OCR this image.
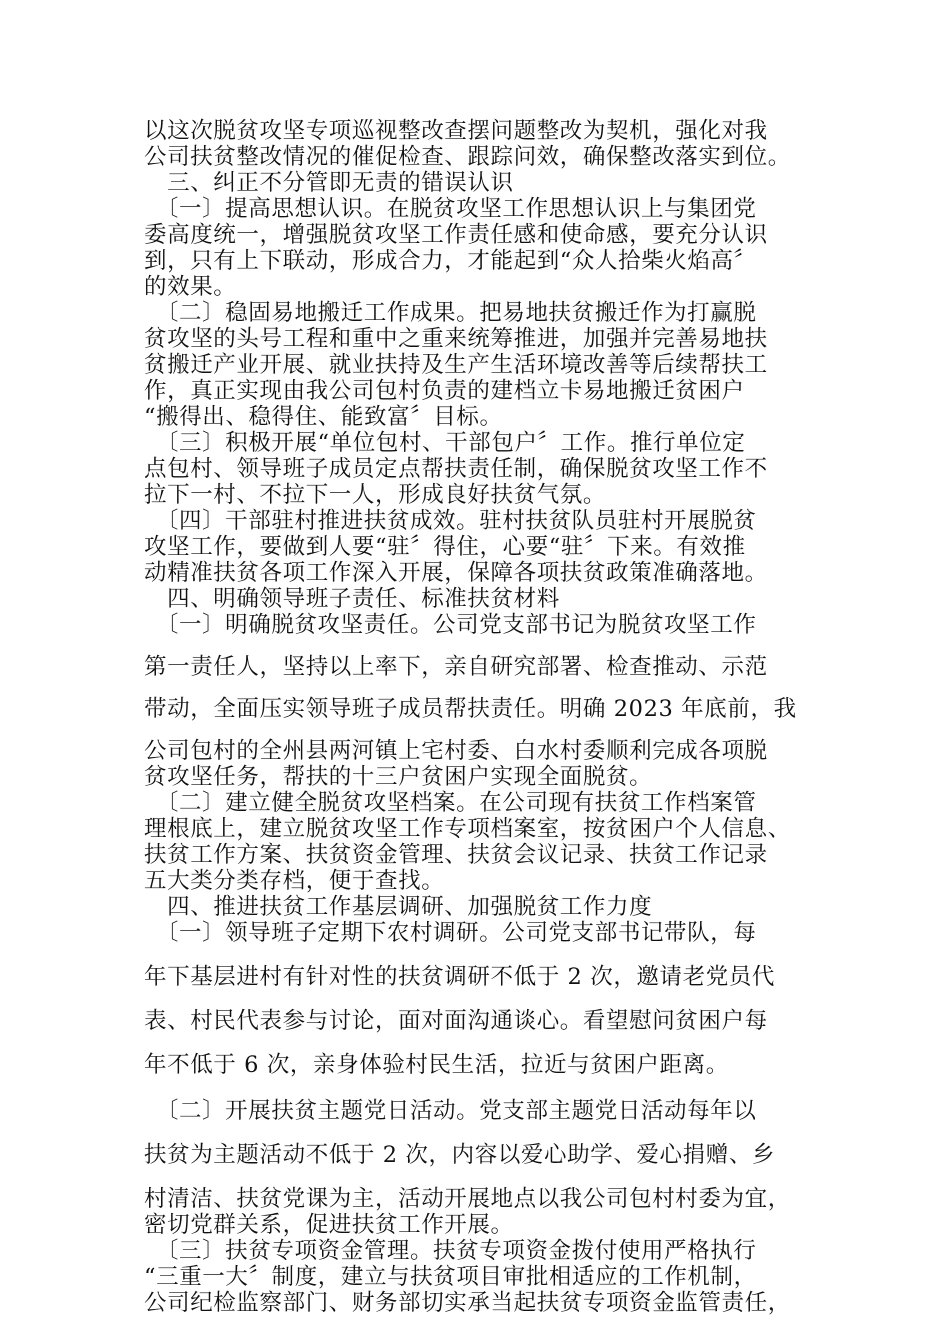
以这次脱贫攻坚专项巡视整改查摆问题整改为契机，强化对我

公司扶贫整改情况的催促检查、跟踪问效，确保整改落实到位。

　三、纠正不分管即无责的错误认识

　〔一〕提高思想认识。在脱贫攻坚工作思想认识上与集团党

委高度统一，增强脱贫攻坚工作责任感和使命感，要充分认识

到，只有上下联动，形成合力，才能起到“众人拾柴火焰高〞

的效果。

　〔二〕稳固易地搬迁工作成果。把易地扶贫搬迁作为打赢脱

贫攻坚的头号工程和重中之重来统筹推进，加强并完善易地扶

贫搬迁产业开展、就业扶持及生产生活环境改善等后续帮扶工

作，真正实现由我公司包村负责的建档立卡易地搬迁贫困户

“搬得出、稳得住、能致富〞目标。

　〔三〕积极开展“单位包村、干部包户〞工作。推行单位定

点包村、领导班子成员定点帮扶责任制，确保脱贫攻坚工作不

拉下一村、不拉下一人，形成良好扶贫气氛。

　〔四〕干部驻村推进扶贫成效。驻村扶贫队员驻村开展脱贫

攻坚工作，要做到人要“驻〞得住，心要“驻〞下来。有效推

动精准扶贫各项工作深入开展，保障各项扶贫政策准确落地。

　四、明确领导班子责任、标准扶贫材料

　〔一〕明确脱贫攻坚责任。公司党支部书记为脱贫攻坚工作

第一责任人，坚持以上率下，亲自研究部署、检查推动、示范

带动，全面压实领导班子成员帮扶责任。明确 2023 年底前，我

公司包村的全州县两河镇上宅村委、白水村委顺利完成各项脱

贫攻坚任务，帮扶的十三户贫困户实现全面脱贫。

　〔二〕建立健全脱贫攻坚档案。在公司现有扶贫工作档案管

理根底上，建立脱贫攻坚工作专项档案室，按贫困户个人信息、

扶贫工作方案、扶贫资金管理、扶贫会议记录、扶贫工作记录

五大类分类存档，便于查找。

　四、推进扶贫工作基层调研、加强脱贫工作力度

　〔一〕领导班子定期下农村调研。公司党支部书记带队，每

年下基层进村有针对性的扶贫调研不低于 2 次，邀请老党员代

表、村民代表参与讨论，面对面沟通谈心。看望慰问贫困户每

年不低于 6 次，亲身体验村民生活，拉近与贫困户距离。

　〔二〕开展扶贫主题党日活动。党支部主题党日活动每年以

扶贫为主题活动不低于 2 次，内容以爱心助学、爱心捐赠、乡

村清洁、扶贫党课为主，活动开展地点以我公司包村村委为宜，

密切党群关系，促进扶贫工作开展。

　〔三〕扶贫专项资金管理。扶贫专项资金拨付使用严格执行

“三重一大〞制度，建立与扶贫项目审批相适应的工作机制，

公司纪检监察部门、财务部切实承当起扶贫专项资金监管责任，
